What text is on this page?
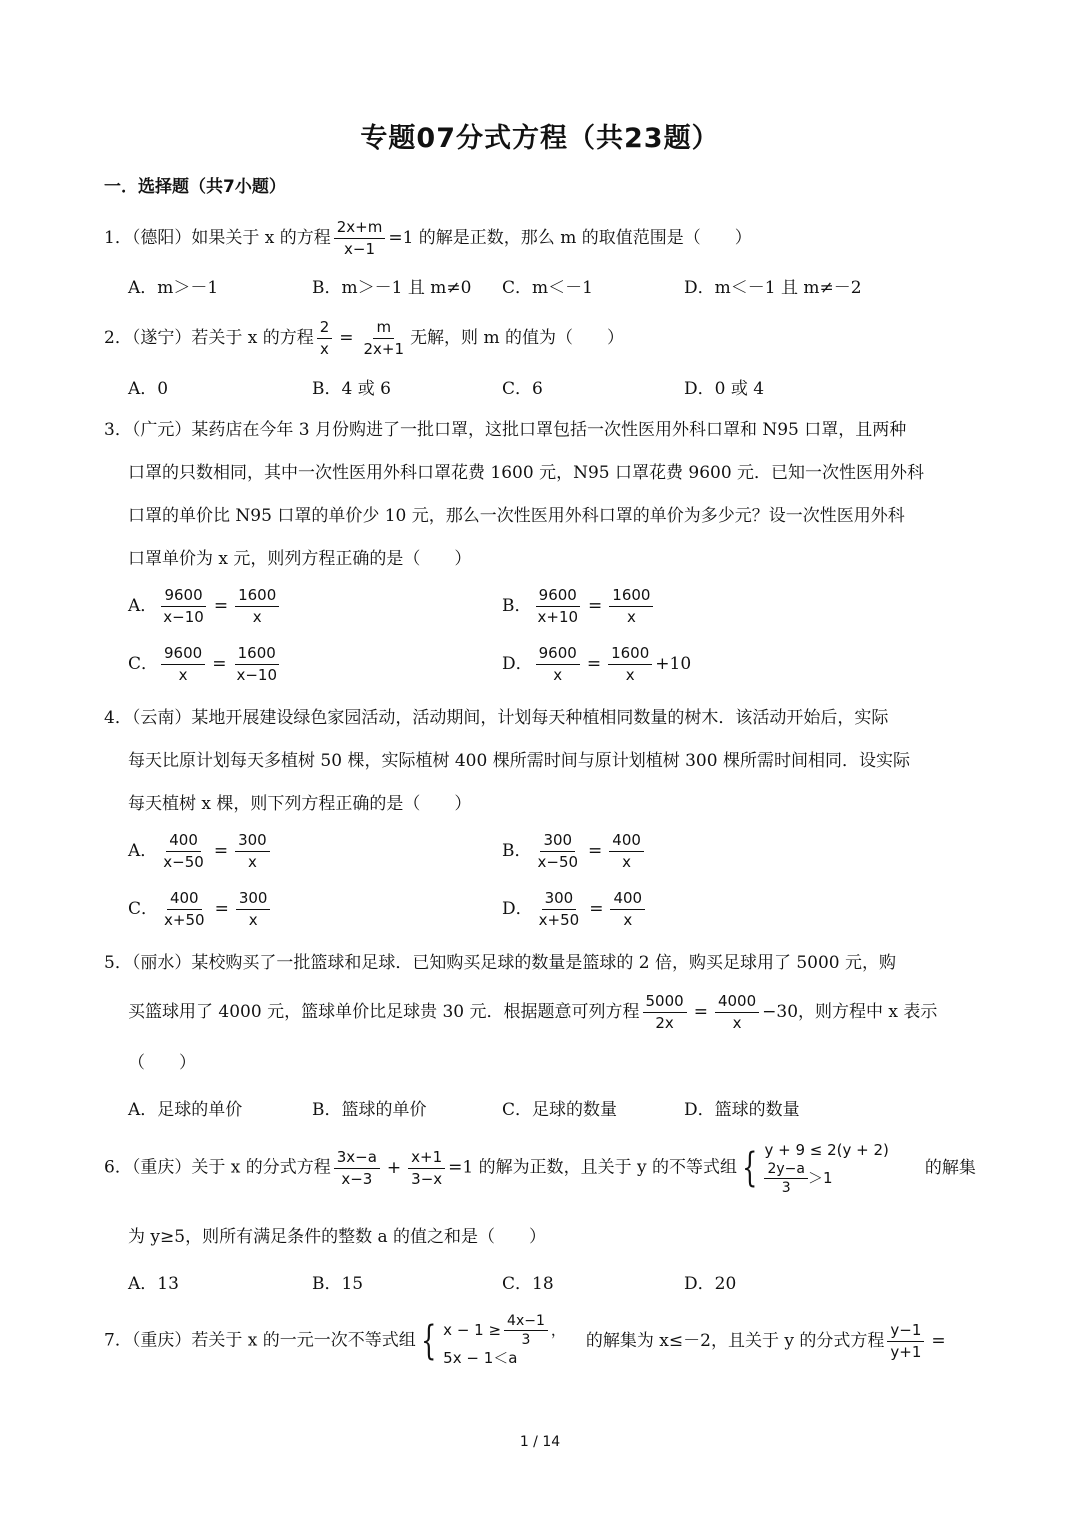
专题07分式方程（共23题）
一．选择题（共7小题）
1．（德阳）如果关于 x 的方程 $\frac{2x+m}{x-1} =1$ 的解是正数，那么 m 的取值范围是（　　）
A．m＞－1	B．m＞－1 且 m≠0 C．m＜－1	D．m＜－1 且 m≠－2
2．（遂宁）若关于 x 的方程 $\frac{2}{x} = \frac{m}{2x+1}$ 无解，则 m 的值为（　　）
A．0	B．4 或 6	C．6	D．0 或 4
3．（广元）某药店在今年 3 月份购进了一批口罩，这批口罩包括一次性医用外科口罩和 N95 口罩，且两种
口罩的只数相同，其中一次性医用外科口罩花费 1600 元，N95 口罩花费 9600 元．已知一次性医用外科
口罩的单价比 N95 口罩的单价少 10 元，那么一次性医用外科口罩的单价为多少元？设一次性医用外科
口罩单价为 x 元，则列方程正确的是（　　）
A． $\frac{9600}{x-10} = \frac{1600}{x}$	B． $\frac{9600}{x+10} = \frac{1600}{x}$
C． $\frac{9600}{x} = \frac{1600}{x-10}$	D． $\frac{9600}{x} = \frac{1600}{x} +10$
4．（云南）某地开展建设绿色家园活动，活动期间，计划每天种植相同数量的树木．该活动开始后，实际
每天比原计划每天多植树 50 棵，实际植树 400 棵所需时间与原计划植树 300 棵所需时间相同．设实际
每天植树 x 棵，则下列方程正确的是（　　）
A． $\frac{400}{x-50} = \frac{300}{x}$	B． $\frac{300}{x-50} = \frac{400}{x}$
C． $\frac{400}{x+50} = \frac{300}{x}$	D． $\frac{300}{x+50} = \frac{400}{x}$
5．（丽水）某校购买了一批篮球和足球．已知购买足球的数量是篮球的 2 倍，购买足球用了 5000 元，购
买篮球用了 4000 元，篮球单价比足球贵 30 元．根据题意可列方程 $\frac{5000}{2x} = \frac{4000}{x} -30$，则方程中 x 表示
（　　）
A．足球的单价	B．篮球的单价	C．足球的数量	D．篮球的数量
6．（重庆）关于 x 的分式方程 $\frac{3x-a}{x-3} + \frac{x+1}{3-x} =1$ 的解为正数，且关于 y 的不等式组 { y + 9 ≤ 2(y + 2)
$\frac{2y-a}{3} >1$
的解集
为 y≥5，则所有满足条件的整数 a 的值之和是（　　）
A．13	B．15	C．18	D．20
7．（重庆）若关于 x 的一元一次不等式组 { $x - 1 \ge \frac{4x-1}{3}$ ，
5x − 1＜a
的解集为 x≤－2，且关于 y 的分式方程 $\frac{y-1}{y+1}$ =
1 / 14
